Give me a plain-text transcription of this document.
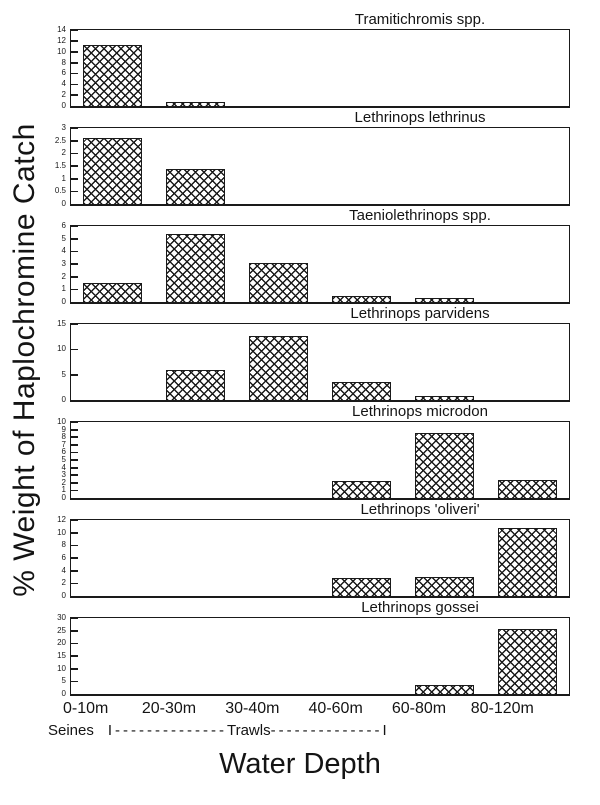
% Weight of Haplochromine Catch
Tramitichromis spp.
0
2
4
6
8
10
12
14
Lethrinops lethrinus
0
0.5
1
1.5
2
2.5
3
Taeniolethrinops spp.
0
1
2
3
4
5
6
Lethrinops parvidens
0
5
10
15
Lethrinops microdon
0
1
2
3
4
5
6
7
8
9
10
Lethrinops 'oliveri'
0
2
4
6
8
10
12
Lethrinops gossei
0
5
10
15
20
25
30
0-10m	20-30m	30-40m	40-60m	60-80m	80-120m
Seines I--------------Trawls--------------I
Water Depth
